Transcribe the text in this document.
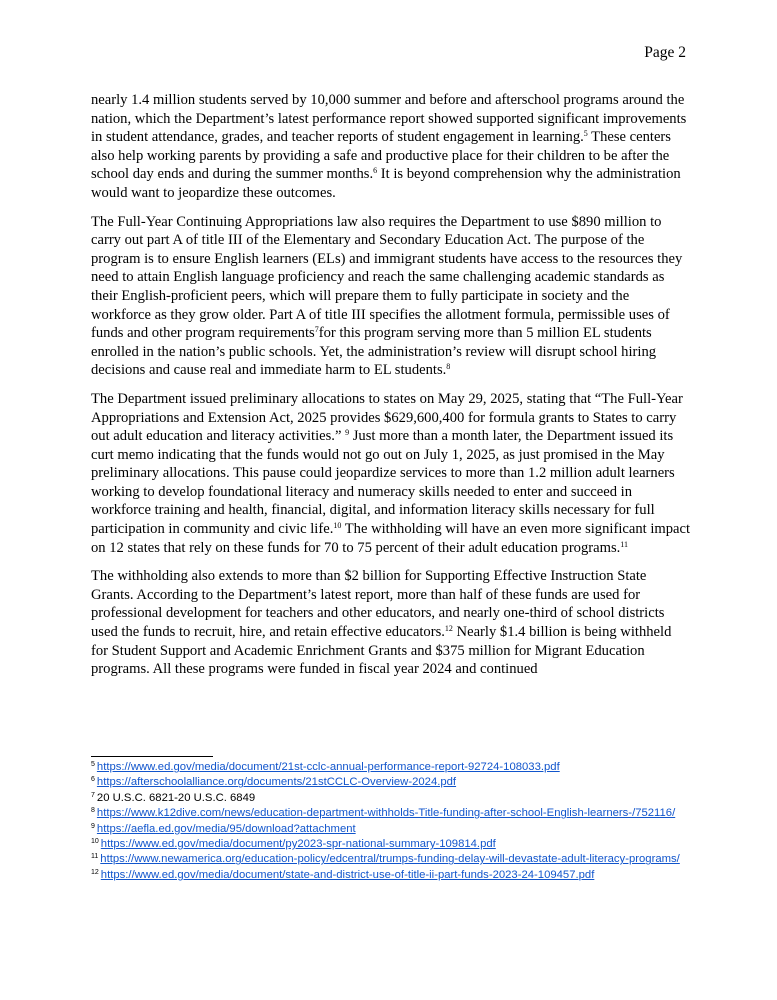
Page 2

nearly 1.4 million students served by 10,000 summer and before and afterschool programs around the nation, which the Department’s latest performance report showed supported significant improvements in student attendance, grades, and teacher reports of student engagement in learning.$^5$ These centers also help working parents by providing a safe and productive place for their children to be after the school day ends and during the summer months.$^6$ It is beyond comprehension why the administration would want to jeopardize these outcomes.

The Full-Year Continuing Appropriations law also requires the Department to use $890 million to carry out part A of title III of the Elementary and Secondary Education Act. The purpose of the program is to ensure English learners (ELs) and immigrant students have access to the resources they need to attain English language proficiency and reach the same challenging academic standards as their English-proficient peers, which will prepare them to fully participate in society and the workforce as they grow older. Part A of title III specifies the allotment formula, permissible uses of funds and other program requirements$^7$for this program serving more than 5 million EL students enrolled in the nation’s public schools. Yet, the administration’s review will disrupt school hiring decisions and cause real and immediate harm to EL students.$^8$

The Department issued preliminary allocations to states on May 29, 2025, stating that “The Full-Year Appropriations and Extension Act, 2025 provides $629,600,400 for formula grants to States to carry out adult education and literacy activities.” $^9$ Just more than a month later, the Department issued its curt memo indicating that the funds would not go out on July 1, 2025, as just promised in the May preliminary allocations. This pause could jeopardize services to more than 1.2 million adult learners working to develop foundational literacy and numeracy skills needed to enter and succeed in workforce training and health, financial, digital, and information literacy skills necessary for full participation in community and civic life.$^{10}$ The withholding will have an even more significant impact on 12 states that rely on these funds for 70 to 75 percent of their adult education programs.$^{11}$

The withholding also extends to more than $2 billion for Supporting Effective Instruction State Grants. According to the Department’s latest report, more than half of these funds are used for professional development for teachers and other educators, and nearly one-third of school districts used the funds to recruit, hire, and retain effective educators.$^{12}$ Nearly $1.4 billion is being withheld for Student Support and Academic Enrichment Grants and $375 million for Migrant Education programs. All these programs were funded in fiscal year 2024 and continued

$^5$ https://www.ed.gov/media/document/21st-cclc-annual-performance-report-92724-108033.pdf
$^6$ https://afterschoolalliance.org/documents/21stCCLC-Overview-2024.pdf
$^7$ 20 U.S.C. 6821-20 U.S.C. 6849
$^8$ https://www.k12dive.com/news/education-department-withholds-Title-funding-after-school-English-learners-/752116/
$^9$ https://aefla.ed.gov/media/95/download?attachment
$^{10}$ https://www.ed.gov/media/document/py2023-spr-national-summary-109814.pdf
$^{11}$ https://www.newamerica.org/education-policy/edcentral/trumps-funding-delay-will-devastate-adult-literacy-programs/
$^{12}$ https://www.ed.gov/media/document/state-and-district-use-of-title-ii-part-funds-2023-24-109457.pdf
